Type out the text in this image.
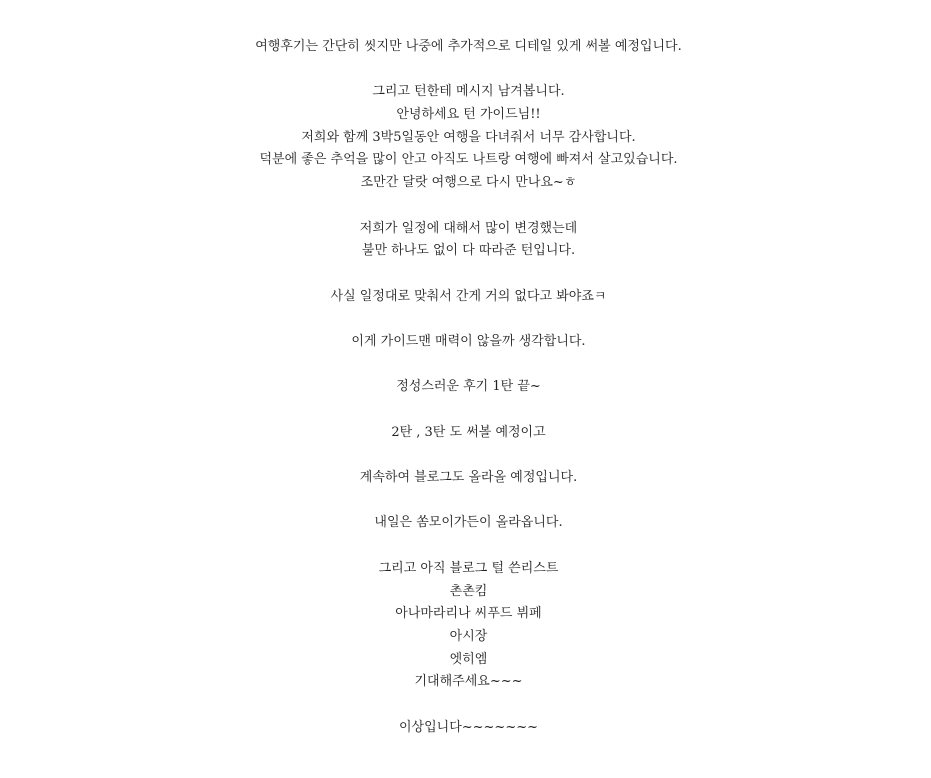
여행후기는 간단히 씻지만 나중에 추가적으로 디테일 있게 써볼 예정입니다.
그리고 턴한테 메시지 남겨봅니다.
안녕하세요 턴 가이드님!!
저희와 함께 3박5일동안 여행을 다녀줘서 너무 감사합니다.
덕분에 좋은 추억을 많이 안고 아직도 나트랑 여행에 빠져서 살고있습니다.
조만간 달랏 여행으로 다시 만나요~ㅎ
저희가 일정에 대해서 많이 변경했는데
불만 하나도 없이 다 따라준 턴입니다.
사실 일정대로 맞춰서 간게 거의 없다고 봐야죠ㅋ
이게 가이드맨 매력이 않을까 생각합니다.
정성스러운 후기 1탄 끝~
2탄 , 3탄 도 써볼 예정이고
계속하여 블로그도 올라올 예정입니다.
내일은 쏨모이가든이 올라옵니다.
그리고 아직 블로그 털 쓴리스트
촌촌킴
아나마라리나 씨푸드 뷔페
아시장
엣히엠
기대해주세요~~~
이상입니다~~~~~~~
